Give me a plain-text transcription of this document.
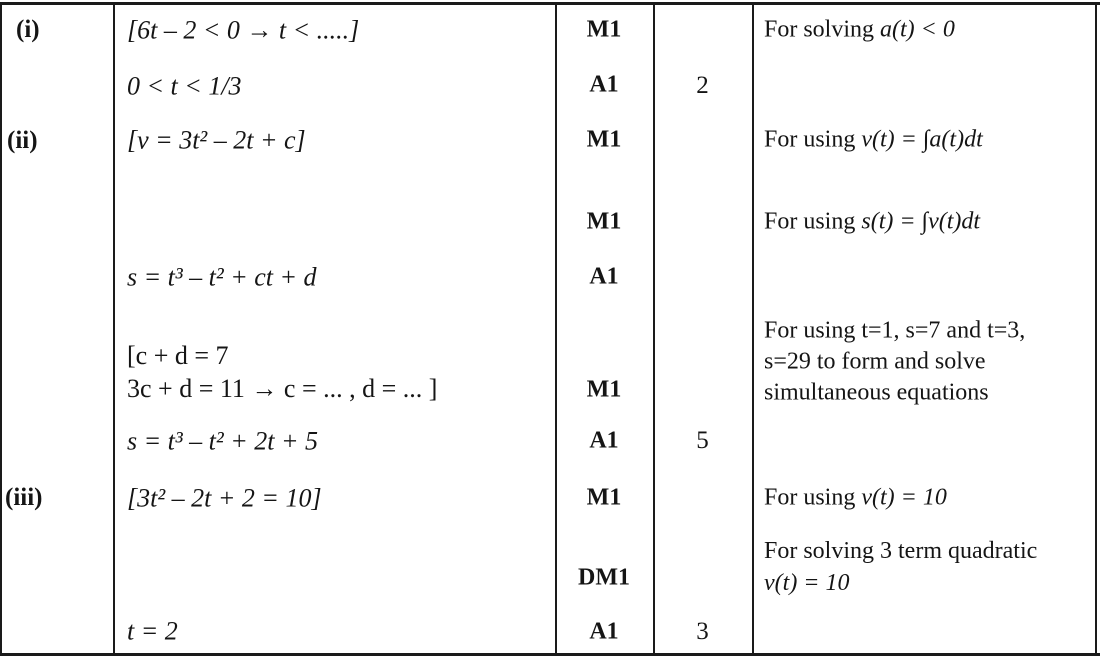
(i)
(ii)
(iii)
[6t – 2 < 0 → t < .....]
0 < t < 1/3
[v = 3t² – 2t + c]
s = t³ – t² + ct + d
[c + d = 7
3c + d = 11 → c = ... , d = ... ]
s = t³ – t² + 2t + 5
[3t² – 2t + 2 = 10]
t = 2
M1
A1
M1
M1
A1
M1
A1
M1
DM1
A1
2
5
3
For solving a(t) < 0
For using v(t) = ∫a(t)dt
For using s(t) = ∫v(t)dt
For using t=1, s=7 and t=3, s=29 to form and solve simultaneous equations
For using v(t) = 10
For solving 3 term quadratic
v(t) = 10
